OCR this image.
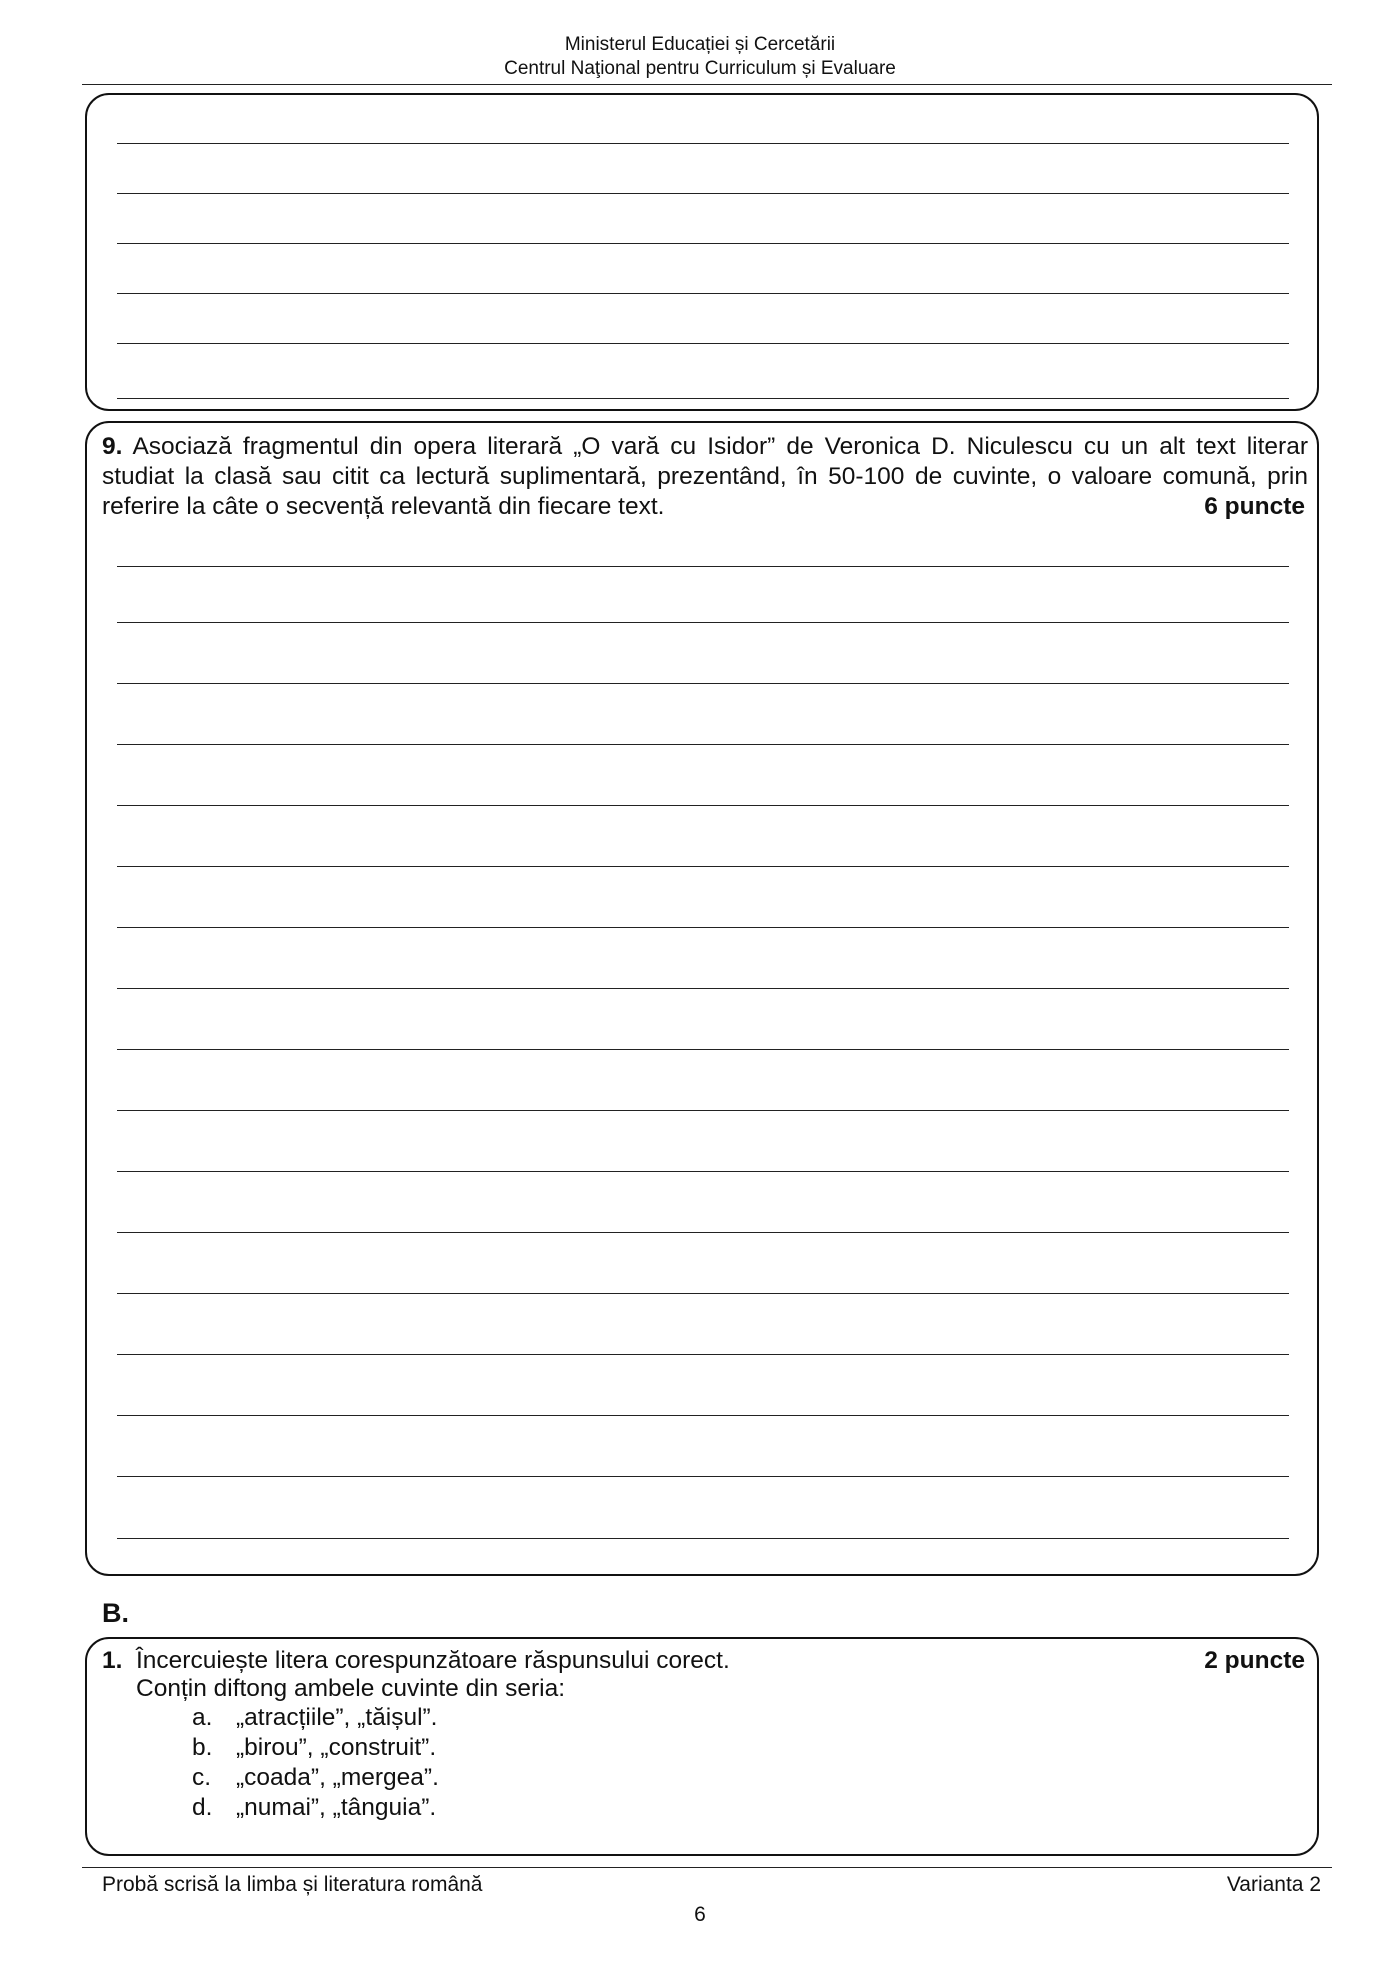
Ministerul Educației și Cercetării
Centrul Naţional pentru Curriculum și Evaluare
9. Asociază fragmentul din opera literară „O vară cu Isidor” de Veronica D. Niculescu cu un alt text literar
studiat la clasă sau citit ca lectură suplimentară, prezentând, în 50-100 de cuvinte, o valoare comună, prin
referire la câte o secvență relevantă din fiecare text.	6 puncte
B.
1. Încercuiește litera corespunzătoare răspunsului corect.	2 puncte
Conțin diftong ambele cuvinte din seria:
a. „atracțiile”, „tăișul”.
b. „birou”, „construit”.
c.	„coada”, „mergea”.
d. „numai”, „tânguia”.
Probă scrisă la limba și literatura română	Varianta 2
6
